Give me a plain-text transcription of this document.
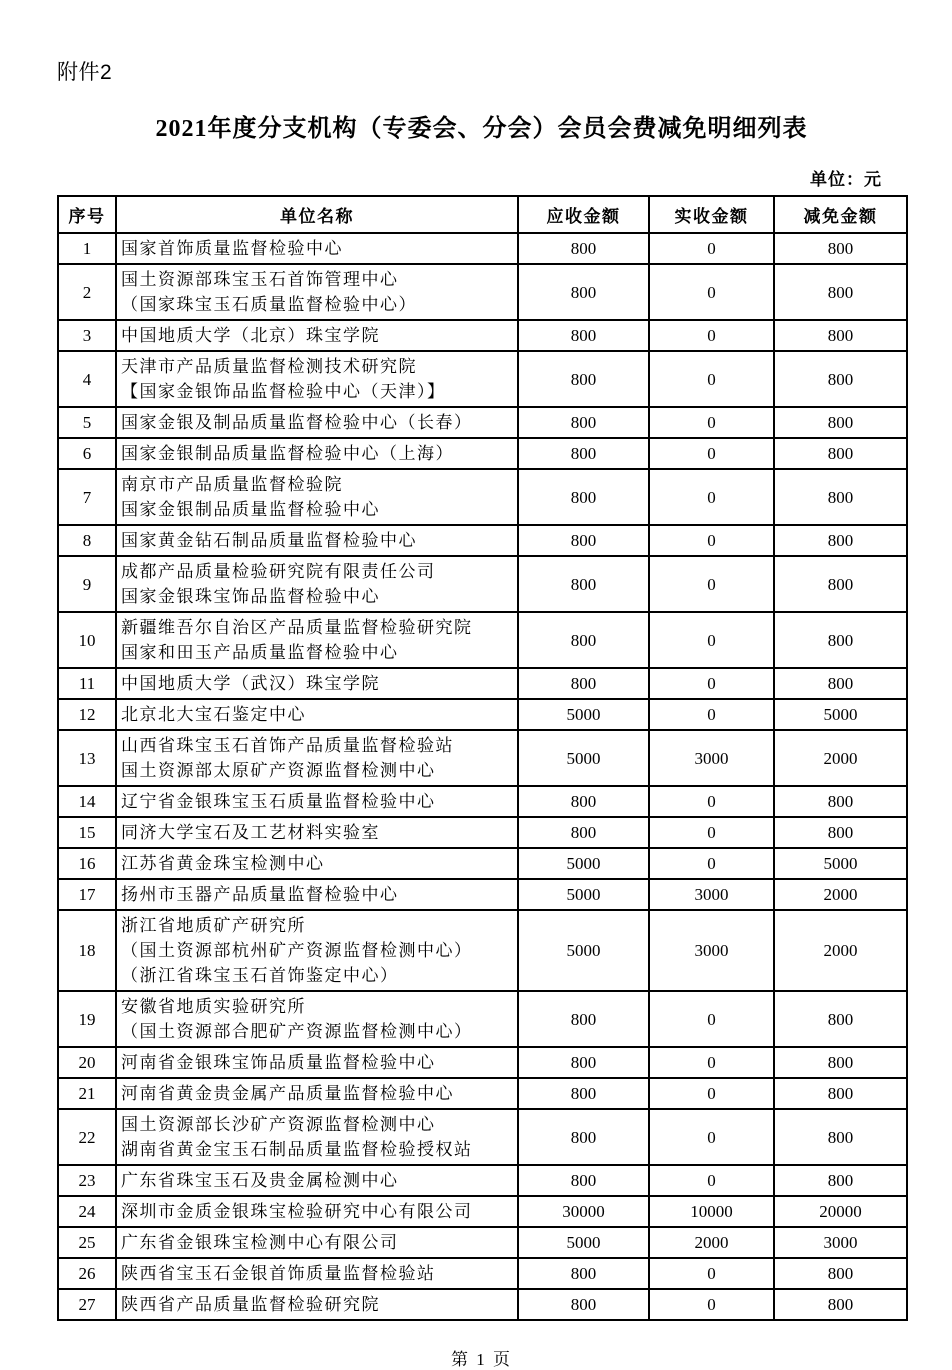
附件2
2021年度分支机构（专委会、分会）会员会费减免明细列表
单位：元
序号	单位名称	应收金额	实收金额	减免金额
1	国家首饰质量监督检验中心	800	0	800
2	国土资源部珠宝玉石首饰管理中心
（国家珠宝玉石质量监督检验中心）	800	0	800
3	中国地质大学（北京）珠宝学院	800	0	800
4	天津市产品质量监督检测技术研究院
【国家金银饰品监督检验中心（天津）】	800	0	800
5	国家金银及制品质量监督检验中心（长春）	800	0	800
6	国家金银制品质量监督检验中心（上海）	800	0	800
7	南京市产品质量监督检验院
国家金银制品质量监督检验中心	800	0	800
8	国家黄金钻石制品质量监督检验中心	800	0	800
9	成都产品质量检验研究院有限责任公司
国家金银珠宝饰品监督检验中心	800	0	800
10	新疆维吾尔自治区产品质量监督检验研究院
国家和田玉产品质量监督检验中心	800	0	800
11	中国地质大学（武汉）珠宝学院	800	0	800
12	北京北大宝石鉴定中心	5000	0	5000
13	山西省珠宝玉石首饰产品质量监督检验站
国土资源部太原矿产资源监督检测中心	5000	3000	2000
14	辽宁省金银珠宝玉石质量监督检验中心	800	0	800
15	同济大学宝石及工艺材料实验室	800	0	800
16	江苏省黄金珠宝检测中心	5000	0	5000
17	扬州市玉器产品质量监督检验中心	5000	3000	2000
18	浙江省地质矿产研究所
（国土资源部杭州矿产资源监督检测中心）
（浙江省珠宝玉石首饰鉴定中心）	5000	3000	2000
19	安徽省地质实验研究所
（国土资源部合肥矿产资源监督检测中心）	800	0	800
20	河南省金银珠宝饰品质量监督检验中心	800	0	800
21	河南省黄金贵金属产品质量监督检验中心	800	0	800
22	国土资源部长沙矿产资源监督检测中心
湖南省黄金宝玉石制品质量监督检验授权站	800	0	800
23	广东省珠宝玉石及贵金属检测中心	800	0	800
24	深圳市金质金银珠宝检验研究中心有限公司	30000	10000	20000
25	广东省金银珠宝检测中心有限公司	5000	2000	3000
26	陕西省宝玉石金银首饰质量监督检验站	800	0	800
27	陕西省产品质量监督检验研究院	800	0	800
第 1 页
